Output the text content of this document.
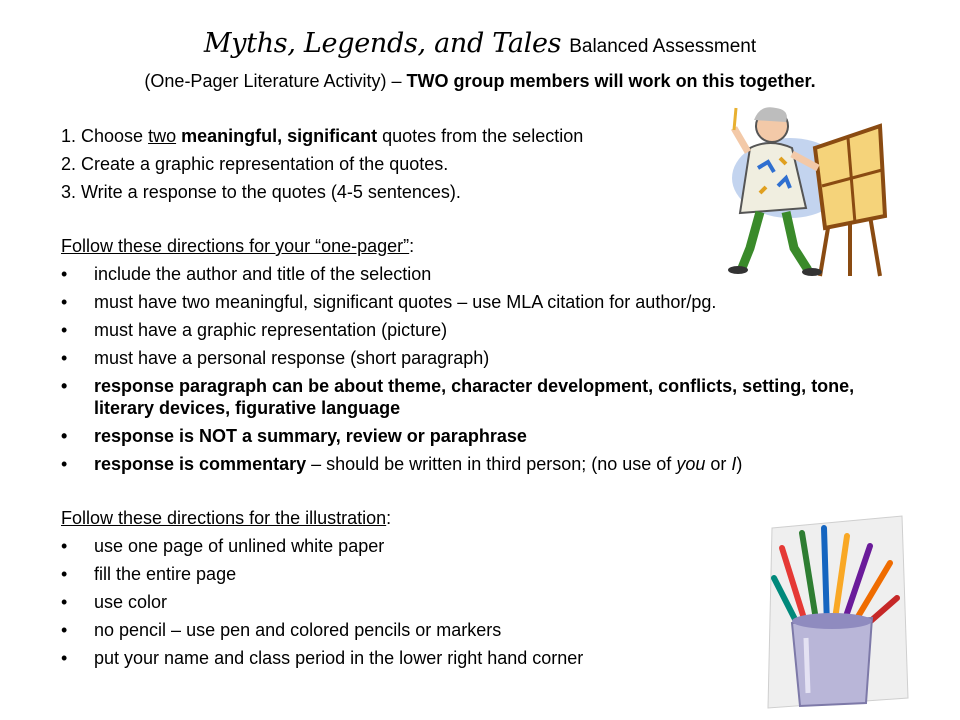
Myths, Legends, and Tales Balanced Assessment
(One-Pager Literature Activity) – TWO group members will work on this together.
1. Choose two meaningful, significant quotes from the selection
2. Create a graphic representation of the quotes.
3. Write a response to the quotes (4-5 sentences).
Follow these directions for your “one-pager”:
• include the author and title of the selection
• must have two meaningful, significant quotes – use MLA citation for author/pg.
• must have a graphic representation (picture)
• must have a personal response (short paragraph)
• response paragraph can be about theme, character development, conflicts, setting, tone, literary devices, figurative language
• response is NOT a summary, review or paraphrase
• response is commentary – should be written in third person; (no use of you or I)
Follow these directions for the illustration:
• use one page of unlined white paper
• fill the entire page
• use color
• no pencil – use pen and colored pencils or markers
• put your name and class period in the lower right hand corner
